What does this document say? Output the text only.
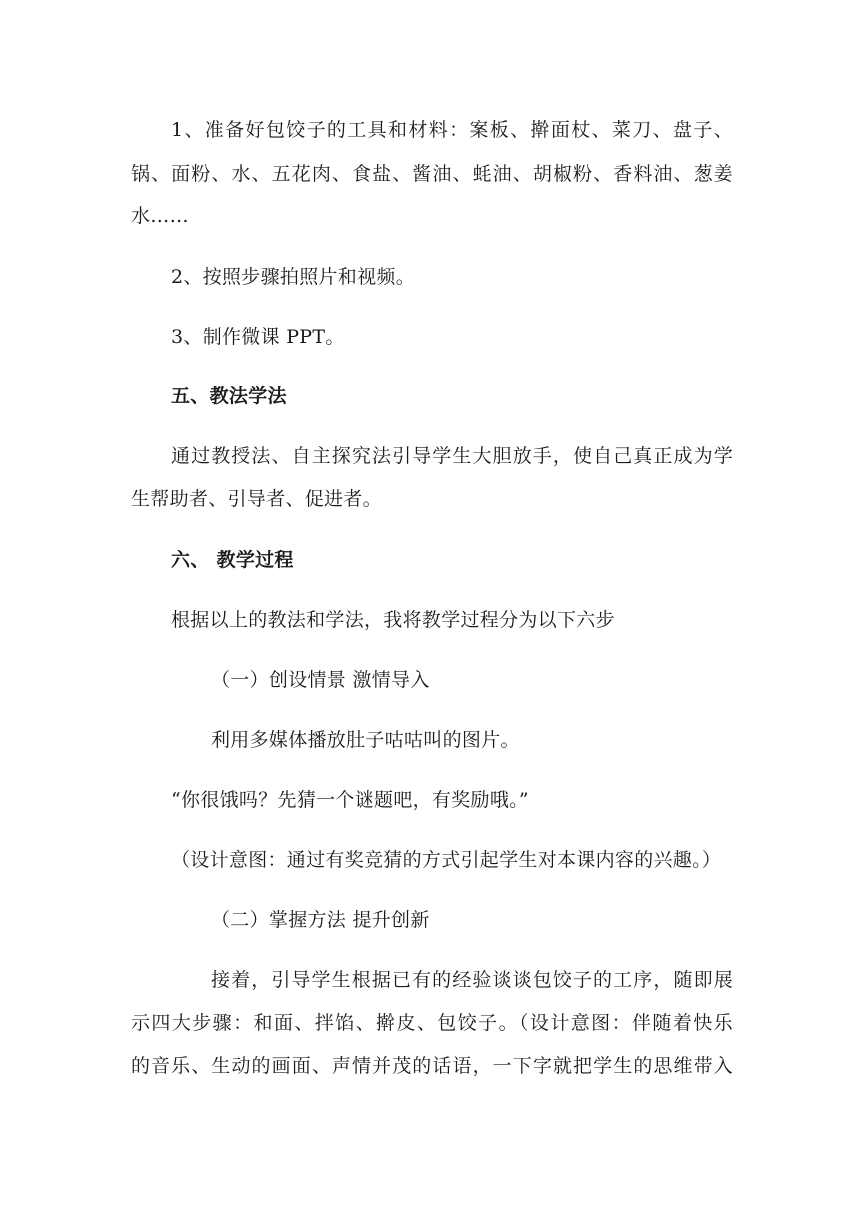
1、准备好包饺子的工具和材料：案板、擀面杖、菜刀、盘子、
锅、面粉、水、五花肉、食盐、酱油、蚝油、胡椒粉、香料油、葱姜
水……
2、按照步骤拍照片和视频。
3、制作微课 PPT。
五、教法学法
通过教授法、自主探究法引导学生大胆放手，使自己真正成为学
生帮助者、引导者、促进者。
六、 教学过程
根据以上的教法和学法，我将教学过程分为以下六步
（一）创设情景 激情导入
利用多媒体播放肚子咕咕叫的图片。
“你很饿吗？先猜一个谜题吧，有奖励哦。”
（设计意图：通过有奖竞猜的方式引起学生对本课内容的兴趣。）
（二）掌握方法 提升创新
接着，引导学生根据已有的经验谈谈包饺子的工序，随即展
示四大步骤：和面、拌馅、擀皮、包饺子。（设计意图：伴随着快乐
的音乐、生动的画面、声情并茂的话语，一下字就把学生的思维带入
